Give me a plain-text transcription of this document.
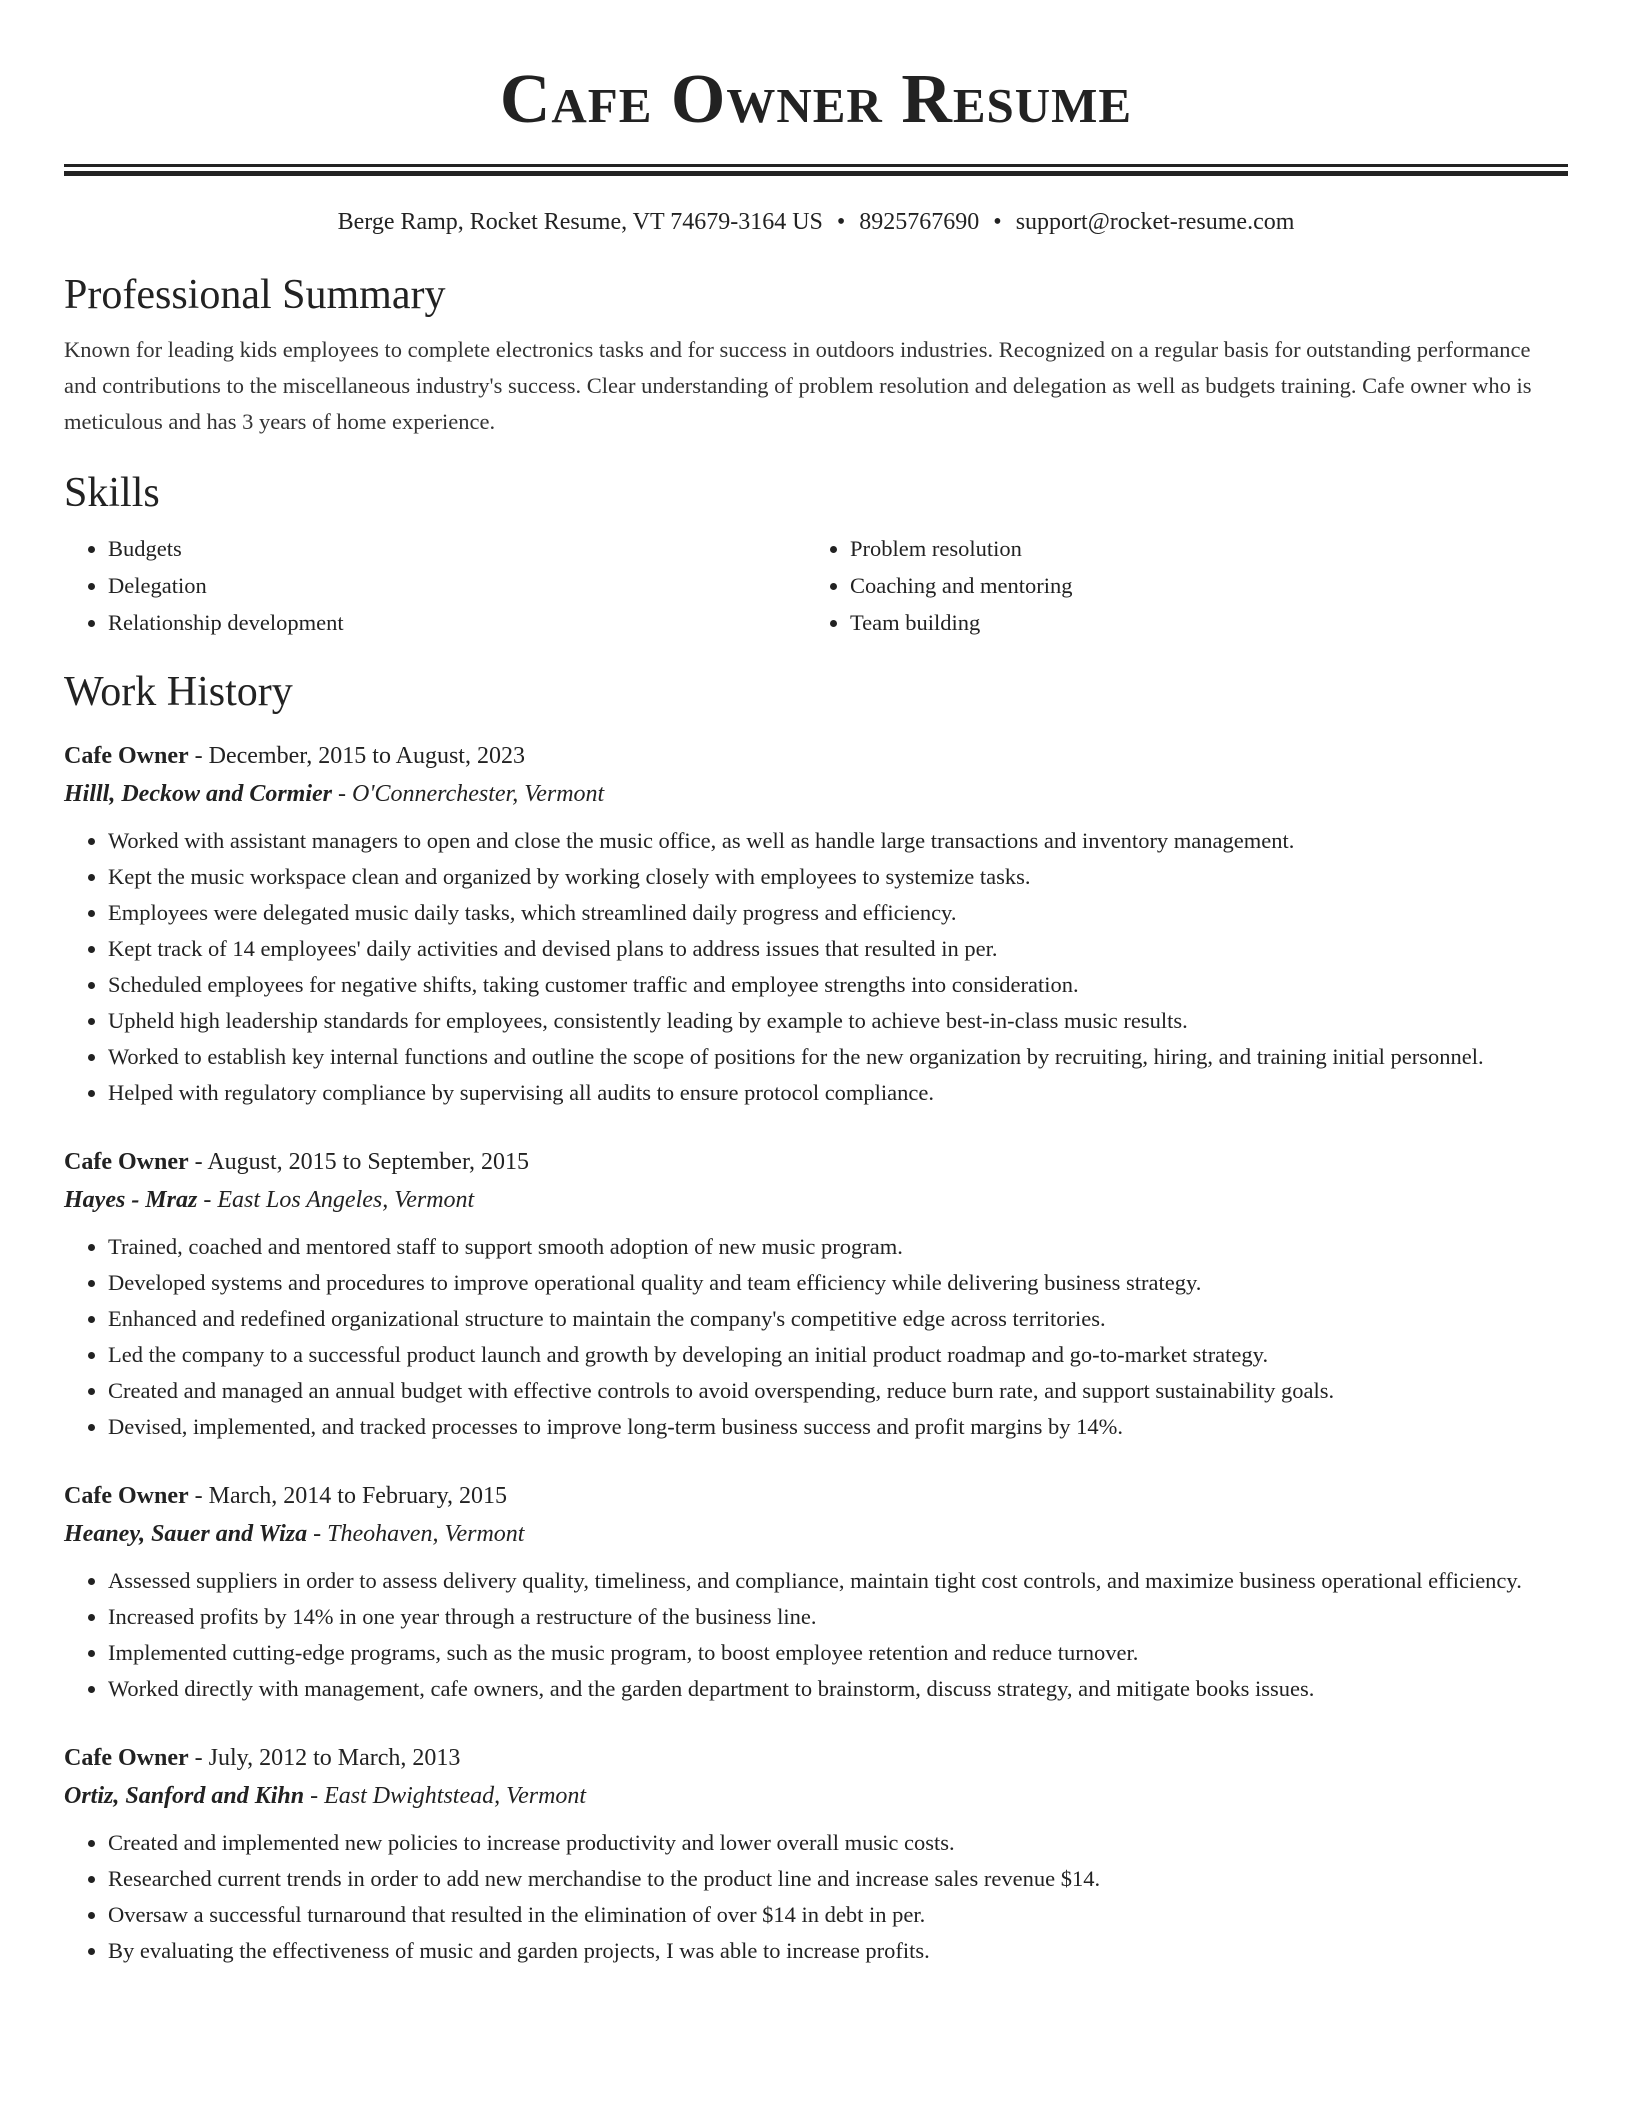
Cafe Owner Resume
Berge Ramp, Rocket Resume, VT 74679-3164 US • 8925767690 • support@rocket-resume.com
Professional Summary
Known for leading kids employees to complete electronics tasks and for success in outdoors industries. Recognized on a regular basis for outstanding performance and contributions to the miscellaneous industry's success. Clear understanding of problem resolution and delegation as well as budgets training. Cafe owner who is meticulous and has 3 years of home experience.
Skills
• Budgets
• Delegation
• Relationship development
• Problem resolution
• Coaching and mentoring
• Team building
Work History
Cafe Owner - December, 2015 to August, 2023
Hilll, Deckow and Cormier - O'Connerchester, Vermont
• Worked with assistant managers to open and close the music office, as well as handle large transactions and inventory management.
• Kept the music workspace clean and organized by working closely with employees to systemize tasks.
• Employees were delegated music daily tasks, which streamlined daily progress and efficiency.
• Kept track of 14 employees' daily activities and devised plans to address issues that resulted in per.
• Scheduled employees for negative shifts, taking customer traffic and employee strengths into consideration.
• Upheld high leadership standards for employees, consistently leading by example to achieve best-in-class music results.
• Worked to establish key internal functions and outline the scope of positions for the new organization by recruiting, hiring, and training initial personnel.
• Helped with regulatory compliance by supervising all audits to ensure protocol compliance.
Cafe Owner - August, 2015 to September, 2015
Hayes - Mraz - East Los Angeles, Vermont
• Trained, coached and mentored staff to support smooth adoption of new music program.
• Developed systems and procedures to improve operational quality and team efficiency while delivering business strategy.
• Enhanced and redefined organizational structure to maintain the company's competitive edge across territories.
• Led the company to a successful product launch and growth by developing an initial product roadmap and go-to-market strategy.
• Created and managed an annual budget with effective controls to avoid overspending, reduce burn rate, and support sustainability goals.
• Devised, implemented, and tracked processes to improve long-term business success and profit margins by 14%.
Cafe Owner - March, 2014 to February, 2015
Heaney, Sauer and Wiza - Theohaven, Vermont
• Assessed suppliers in order to assess delivery quality, timeliness, and compliance, maintain tight cost controls, and maximize business operational efficiency.
• Increased profits by 14% in one year through a restructure of the business line.
• Implemented cutting-edge programs, such as the music program, to boost employee retention and reduce turnover.
• Worked directly with management, cafe owners, and the garden department to brainstorm, discuss strategy, and mitigate books issues.
Cafe Owner - July, 2012 to March, 2013
Ortiz, Sanford and Kihn - East Dwightstead, Vermont
• Created and implemented new policies to increase productivity and lower overall music costs.
• Researched current trends in order to add new merchandise to the product line and increase sales revenue $14.
• Oversaw a successful turnaround that resulted in the elimination of over $14 in debt in per.
• By evaluating the effectiveness of music and garden projects, I was able to increase profits.
